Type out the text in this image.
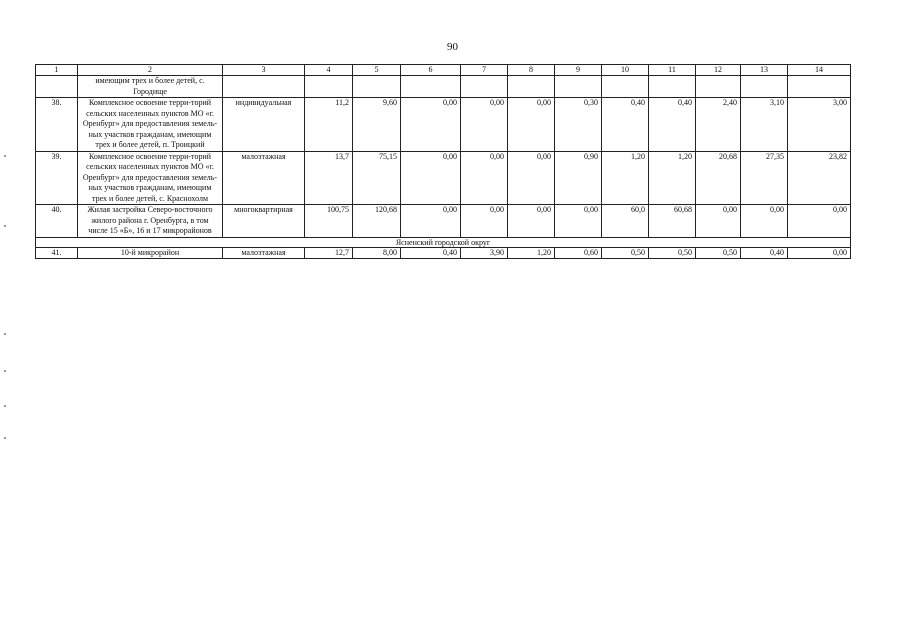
90
1	2	3	4	5	6	7	8	9	10	11	12	13	14
	имеющим трех и более детей, с. Городище												
38.	Комплексное освоение терри-торий сельских населенных пунктов МО «г. Оренбург» для предоставления земель-ных участков гражданам, имеющим трех и более детей, п. Троицкий	индивидуальная	11,2	9,60	0,00	0,00	0,00	0,30	0,40	0,40	2,40	3,10	3,00
39.	Комплексное освоение терри-торий сельских населенных пунктов МО «г. Оренбург» для предоставления земель-ных участков гражданам, имеющим трех и более детей, с. Краснохолм	малоэтажная	13,7	75,15	0,00	0,00	0,00	0,90	1,20	1,20	20,68	27,35	23,82
40.	Жилая застройка Северо-восточного жилого района г. Оренбурга, в том числе 15 «Б», 16 и 17 микрорайонов	многоквартирная	100,75	120,68	0,00	0,00	0,00	0,00	60,0	60,68	0,00	0,00	0,00
Ясненский городской округ													
41.	10-й микрорайон	малоэтажная	12,7	8,00	0,40	3,90	1,20	0,60	0,50	0,50	0,50	0,40	0,00
